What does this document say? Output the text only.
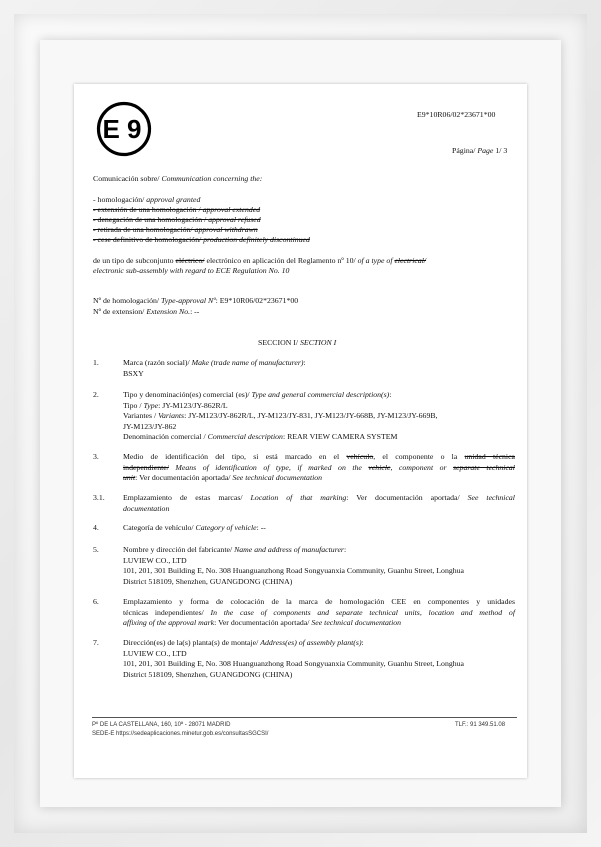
E 9	E9*10R06/02*23671*00
Página/ Page 1/ 3
Comunicación sobre/ Communication concerning the:
- homologación/ approval granted
- extensión de una homologación / approval extended
- denegación de una homologación / approval refused
- retirada de una homologación/ approval withdrawn
- cese definitivo de homologación/ production definitely discontinued
de un tipo de subconjunto eléctrico/ electrónico en aplicación del Reglamento nº 10/ of a type of electrical/
electronic sub-assembly with regard to ECE Regulation No. 10
Nº de homologación/ Type-approval Nº: E9*10R06/02*23671*00
Nº de extension/ Extension No.: --
SECCION I/ SECTION I
1.	Marca (razón social)/ Make (trade name of manufacturer):
BSXY
2.	Tipo y denominación(es) comercial (es)/ Type and general commercial description(s):
Tipo / Type: JY-M123/JY-862R/L
Variantes / Variants: JY-M123/JY-862R/L, JY-M123/JY-831, JY-M123/JY-668B, JY-M123/JY-669B,
JY-M123/JY-862
Denominación comercial / Commercial description: REAR VIEW CAMERA SYSTEM
3.	Medio de identificación del tipo, si está marcado en el vehículo, el componente o la unidad técnica
independiente/ Means of identification of type, if marked on the vehicle, component or separate technical
unit: Ver documentación aportada/ See technical documentation
3.1. Emplazamiento de estas marcas/ Location of that marking: Ver documentación aportada/ See technical
documentation
4.	Categoría de vehículo/ Category of vehicle: --
5.	Nombre y dirección del fabricante/ Name and address of manufacturer:
LUVIEW CO., LTD
101, 201, 301 Building E, No. 308 Huanguanzhong Road Songyuanxia Community, Guanhu Street, Longhua
District 518109, Shenzhen, GUANGDONG (CHINA)
6.	Emplazamiento y forma de colocación de la marca de homologación CEE en componentes y unidades
técnicas independientes/ In the case of components and separate technical units, location and method of
affixing of the approval mark: Ver documentación aportada/ See technical documentation
7.	Dirección(es) de la(s) planta(s) de montaje/ Address(es) of assembly plant(s):
LUVIEW CO., LTD
101, 201, 301 Building E, No. 308 Huanguanzhong Road Songyuanxia Community, Guanhu Street, Longhua
District 518109, Shenzhen, GUANGDONG (CHINA)
Pº DE LA CASTELLANA, 160, 10ª - 28071 MADRID	TLF.: 91 349.51.08
SEDE-E https://sedeaplicaciones.minetur.gob.es/consultasSGCSI/
